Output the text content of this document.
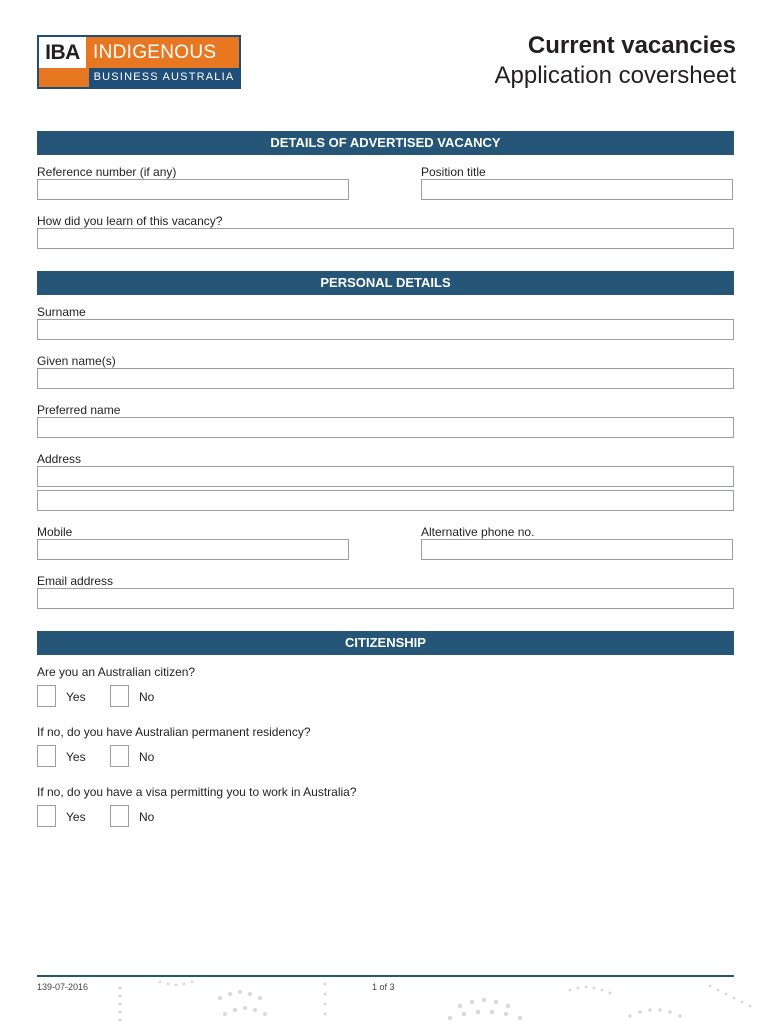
IBA INDIGENOUS
BUSINESS AUSTRALIA
Current vacancies
Application coversheet
DETAILS OF ADVERTISED VACANCY
Reference number (if any)	Position title
How did you learn of this vacancy?
PERSONAL DETAILS
Surname
Given name(s)
Preferred name
Address
Mobile	Alternative phone no.
Email address
CITIZENSHIP
Are you an Australian citizen?
Yes	No
If no, do you have Australian permanent residency?
Yes	No
If no, do you have a visa permitting you to work in Australia?
Yes	No
139-07-2016	1 of 3
